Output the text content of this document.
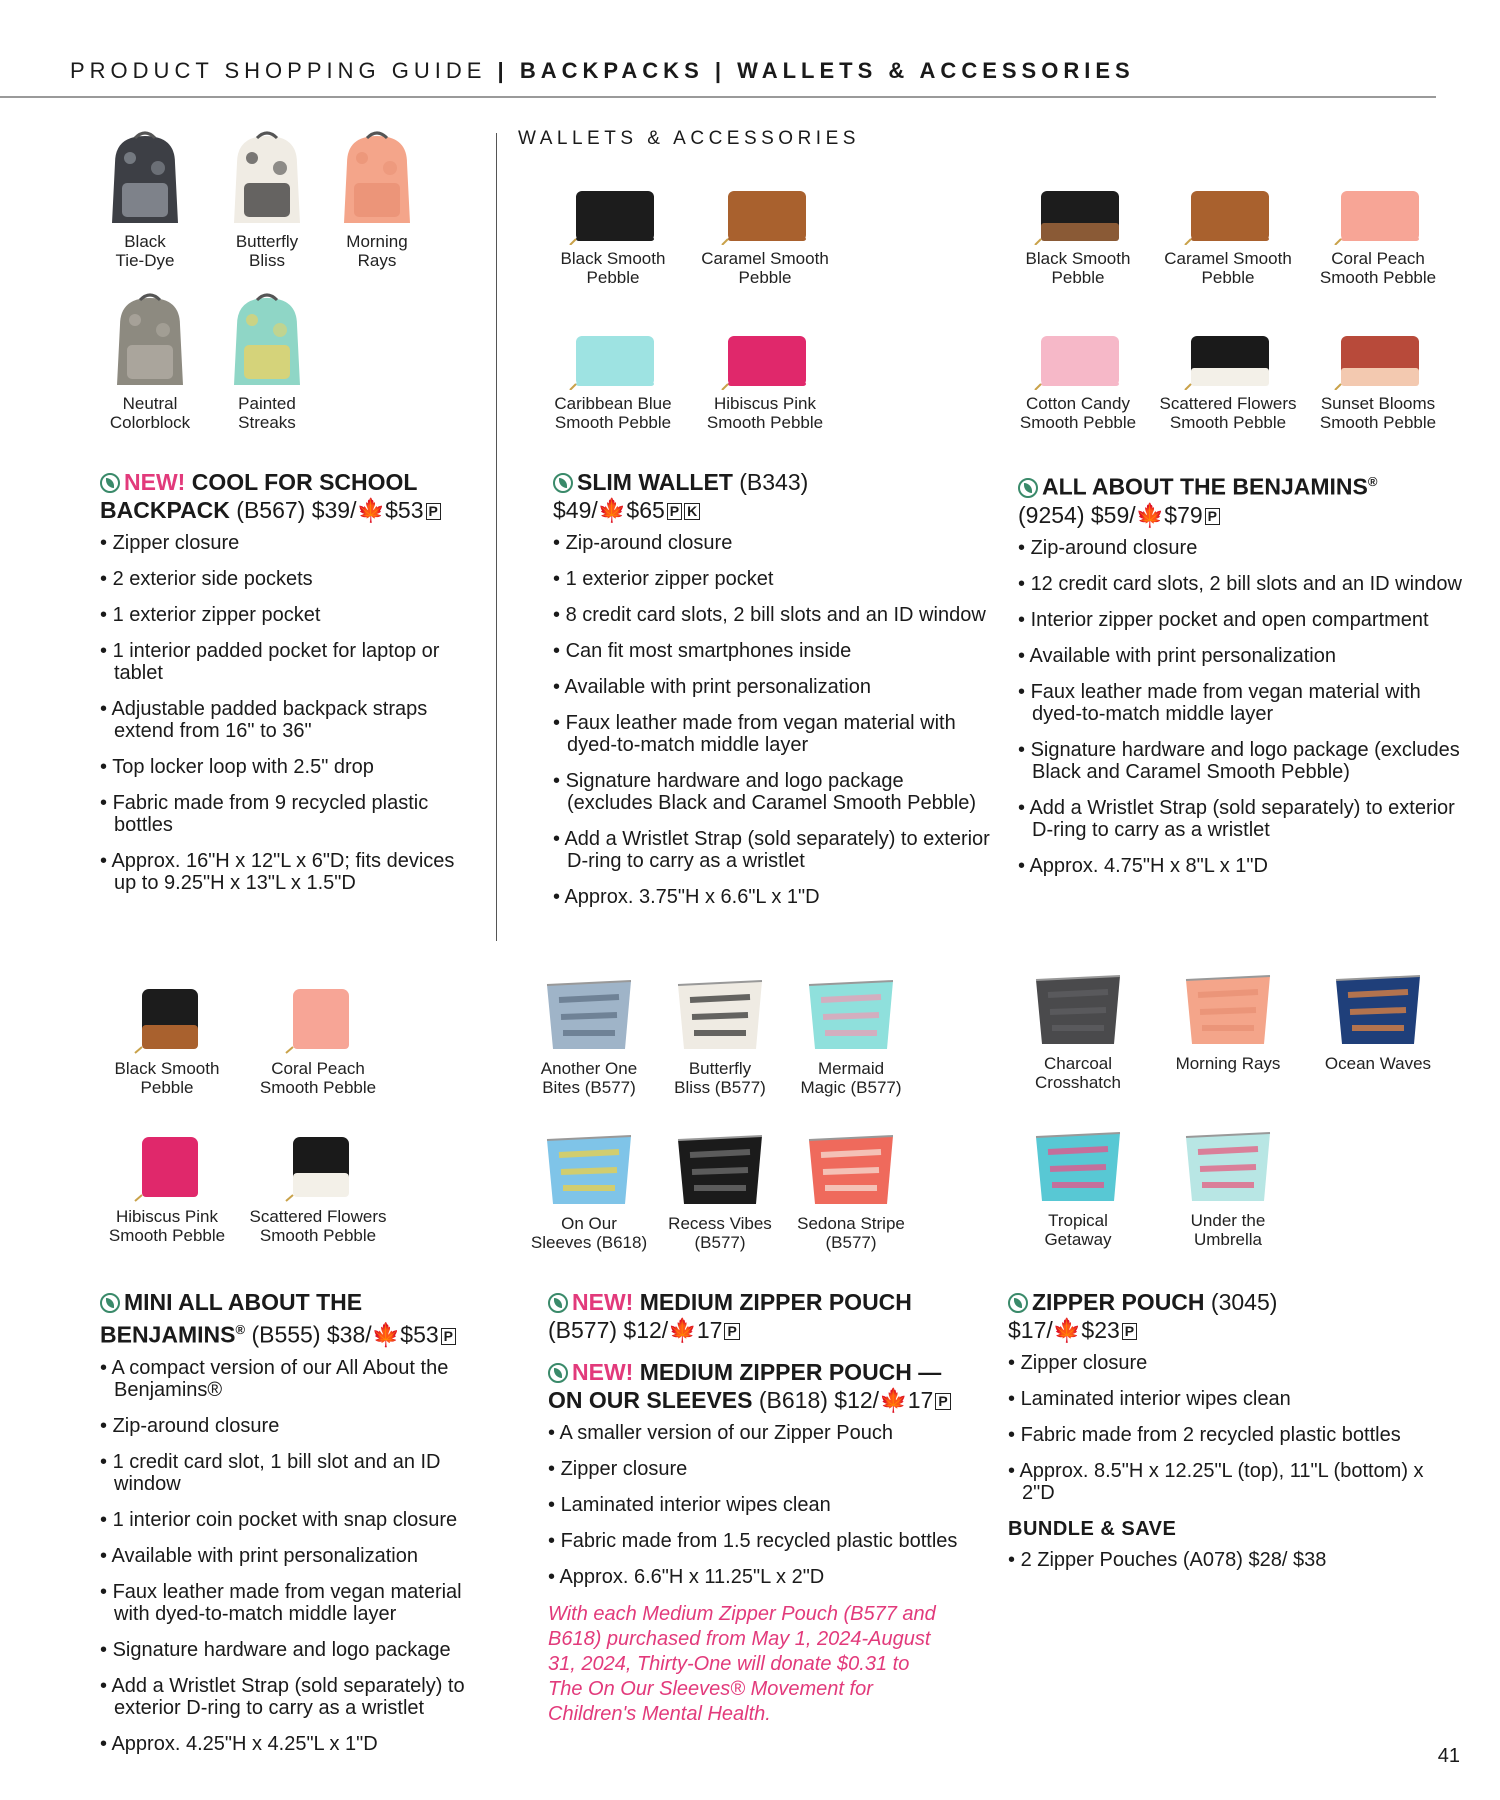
PRODUCT SHOPPING GUIDE | BACKPACKS | WALLETS & ACCESSORIES
WALLETS & ACCESSORIES
Black
Tie-Dye
Butterfly
Bliss
Morning
Rays
Neutral
Colorblock
Painted
Streaks
Black Smooth
Pebble
Caramel Smooth
Pebble
Caribbean Blue
Smooth Pebble
Hibiscus Pink
Smooth Pebble
Black Smooth
Pebble
Caramel Smooth
Pebble
Coral Peach
Smooth Pebble
Cotton Candy
Smooth Pebble
Scattered Flowers
Smooth Pebble
Sunset Blooms
Smooth Pebble
Black Smooth
Pebble
Coral Peach
Smooth Pebble
Hibiscus Pink
Smooth Pebble
Scattered Flowers
Smooth Pebble
Another One
Bites (B577)
Butterfly
Bliss (B577)
Mermaid
Magic (B577)
On Our
Sleeves (B618)
Recess Vibes
(B577)
Sedona Stripe
(B577)
Charcoal
Crosshatch
Morning Rays	Ocean Waves
Tropical
Getaway
Under the
Umbrella
NEW! COOL FOR SCHOOL
BACKPACK (B567) $39/🍁$53 P
• Zipper closure
• 2 exterior side pockets
• 1 exterior zipper pocket
• 1 interior padded pocket for laptop or tablet
• Adjustable padded backpack straps extend from 16" to 36"
• Top locker loop with 2.5" drop
• Fabric made from 9 recycled plastic bottles
• Approx. 16"H x 12"L x 6"D; fits devices up to 9.25"H x 13"L x 1.5"D
SLIM WALLET (B343)
$49/🍁$65 P K
• Zip-around closure
• 1 exterior zipper pocket
• 8 credit card slots, 2 bill slots and an ID window
• Can fit most smartphones inside
• Available with print personalization
• Faux leather made from vegan material with dyed-to-match middle layer
• Signature hardware and logo package (excludes Black and Caramel Smooth Pebble)
• Add a Wristlet Strap (sold separately) to exterior D-ring to carry as a wristlet
• Approx. 3.75"H x 6.6"L x 1"D
ALL ABOUT THE BENJAMINS®
(9254) $59/🍁$79 P
• Zip-around closure
• 12 credit card slots, 2 bill slots and an ID window
• Interior zipper pocket and open compartment
• Available with print personalization
• Faux leather made from vegan material with dyed-to-match middle layer
• Signature hardware and logo package (excludes Black and Caramel Smooth Pebble)
• Add a Wristlet Strap (sold separately) to exterior D-ring to carry as a wristlet
• Approx. 4.75"H x 8"L x 1"D
MINI ALL ABOUT THE
BENJAMINS® (B555) $38/🍁$53 P
• A compact version of our All About the Benjamins®
• Zip-around closure
• 1 credit card slot, 1 bill slot and an ID window
• 1 interior coin pocket with snap closure
• Available with print personalization
• Faux leather made from vegan material with dyed-to-match middle layer
• Signature hardware and logo package
• Add a Wristlet Strap (sold separately) to exterior D-ring to carry as a wristlet
• Approx. 4.25"H x 4.25"L x 1"D
NEW! MEDIUM ZIPPER POUCH
(B577) $12/🍁17 P
NEW! MEDIUM ZIPPER POUCH —
ON OUR SLEEVES (B618) $12/🍁17 P
• A smaller version of our Zipper Pouch
• Zipper closure
• Laminated interior wipes clean
• Fabric made from 1.5 recycled plastic bottles
• Approx. 6.6"H x 11.25"L x 2"D
With each Medium Zipper Pouch (B577 and B618) purchased from May 1, 2024-August 31, 2024, Thirty-One will donate $0.31 to The On Our Sleeves® Movement for Children's Mental Health.
ZIPPER POUCH (3045)
$17/🍁$23 P
• Zipper closure
• Laminated interior wipes clean
• Fabric made from 2 recycled plastic bottles
• Approx. 8.5"H x 12.25"L (top), 11"L (bottom) x 2"D
BUNDLE & SAVE
• 2 Zipper Pouches (A078) $28/ $38
41
